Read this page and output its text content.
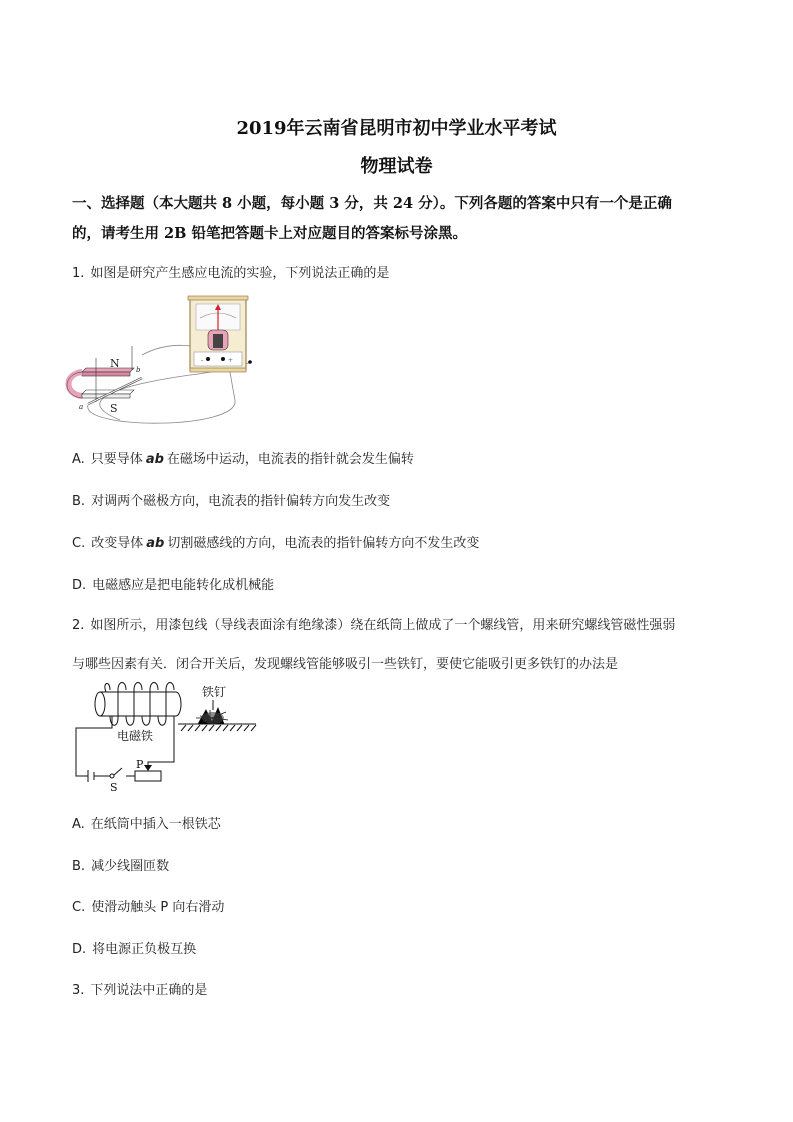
2019年云南省昆明市初中学业水平考试
物理试卷
一、选择题（本大题共 8 小题，每小题 3 分，共 24 分）。下列各题的答案中只有一个是正确
的，请考生用 2B 铅笔把答题卡上对应题目的答案标号涂黑。
1. 如图是研究产生感应电流的实验，下列说法正确的是
-	+
N
S
a
b
A. 只要导体 ab 在磁场中运动，电流表的指针就会发生偏转
B. 对调两个磁极方向，电流表的指针偏转方向发生改变
C. 改变导体 ab 切割磁感线的方向，电流表的指针偏转方向不发生改变
D. 电磁感应是把电能转化成机械能
2. 如图所示，用漆包线（导线表面涂有绝缘漆）绕在纸筒上做成了一个螺线管，用来研究螺线管磁性强弱
与哪些因素有关．闭合开关后，发现螺线管能够吸引一些铁钉，要使它能吸引更多铁钉的办法是
铁钉
电磁铁
P
S
A. 在纸筒中插入一根铁芯
B. 减少线圈匝数
C. 使滑动触头 P 向右滑动
D. 将电源正负极互换
3. 下列说法中正确的是
